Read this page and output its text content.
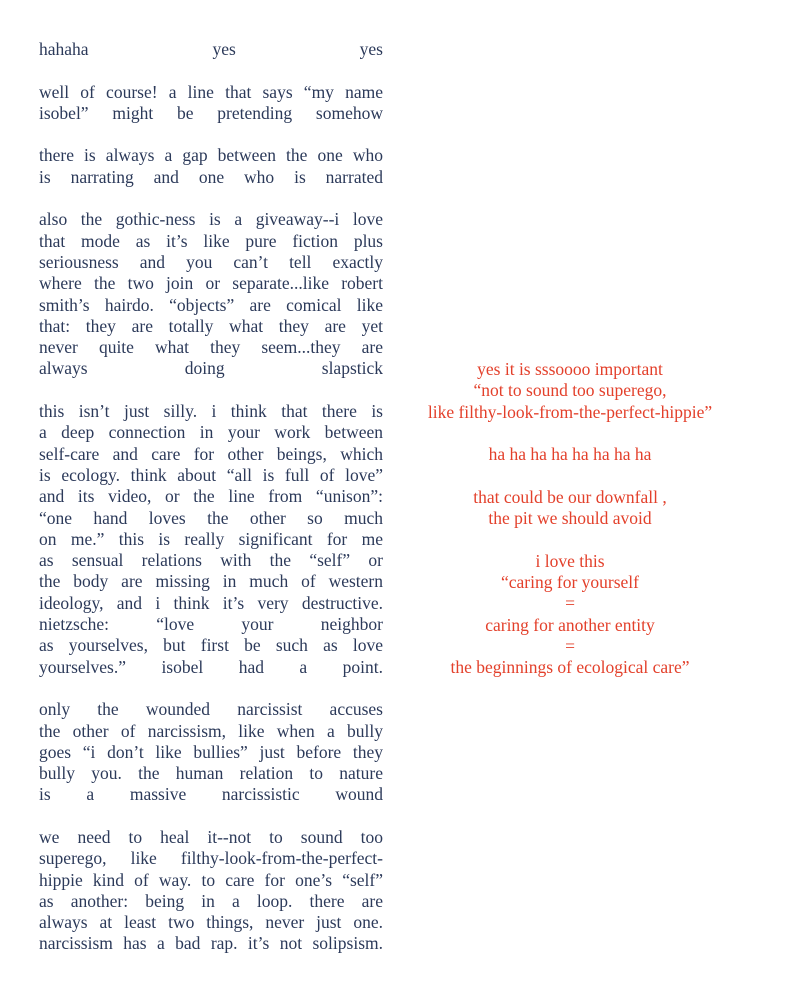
hahaha yes yes
well of course! a line that says “my name
isobel” might be pretending somehow
there is always a gap between the one who
is narrating and one who is narrated
also the gothic-ness is a giveaway--i love
that mode as it’s like pure fiction plus
seriousness and you can’t tell exactly
where the two join or separate...like robert
smith’s hairdo. “objects” are comical like
that: they are totally what they are yet
never quite what they seem...they are
always doing slapstick
this isn’t just silly. i think that there is
a deep connection in your work between
self-care and care for other beings, which
is ecology. think about “all is full of love”
and its video, or the line from “unison”:
“one hand loves the other so much
on me.” this is really significant for me
as sensual relations with the “self” or
the body are missing in much of western
ideology, and i think it’s very destructive.
nietzsche: “love your neighbor
as yourselves, but first be such as love
yourselves.” isobel had a point.
only the wounded narcissist accuses
the other of narcissism, like when a bully
goes “i don’t like bullies” just before they
bully you. the human relation to nature
is a massive narcissistic wound
we need to heal it--not to sound too
superego, like filthy-look-from-the-perfect-
hippie kind of way. to care for one’s “self”
as another: being in a loop. there are
always at least two things, never just one.
narcissism has a bad rap. it’s not solipsism.
yes it is sssoooo important
“not to sound too superego,
like filthy-look-from-the-perfect-hippie”
ha ha ha ha ha ha ha ha
that could be our downfall ,
the pit we should avoid
i love this
“caring for yourself
=
caring for another entity
=
the beginnings of ecological care”
